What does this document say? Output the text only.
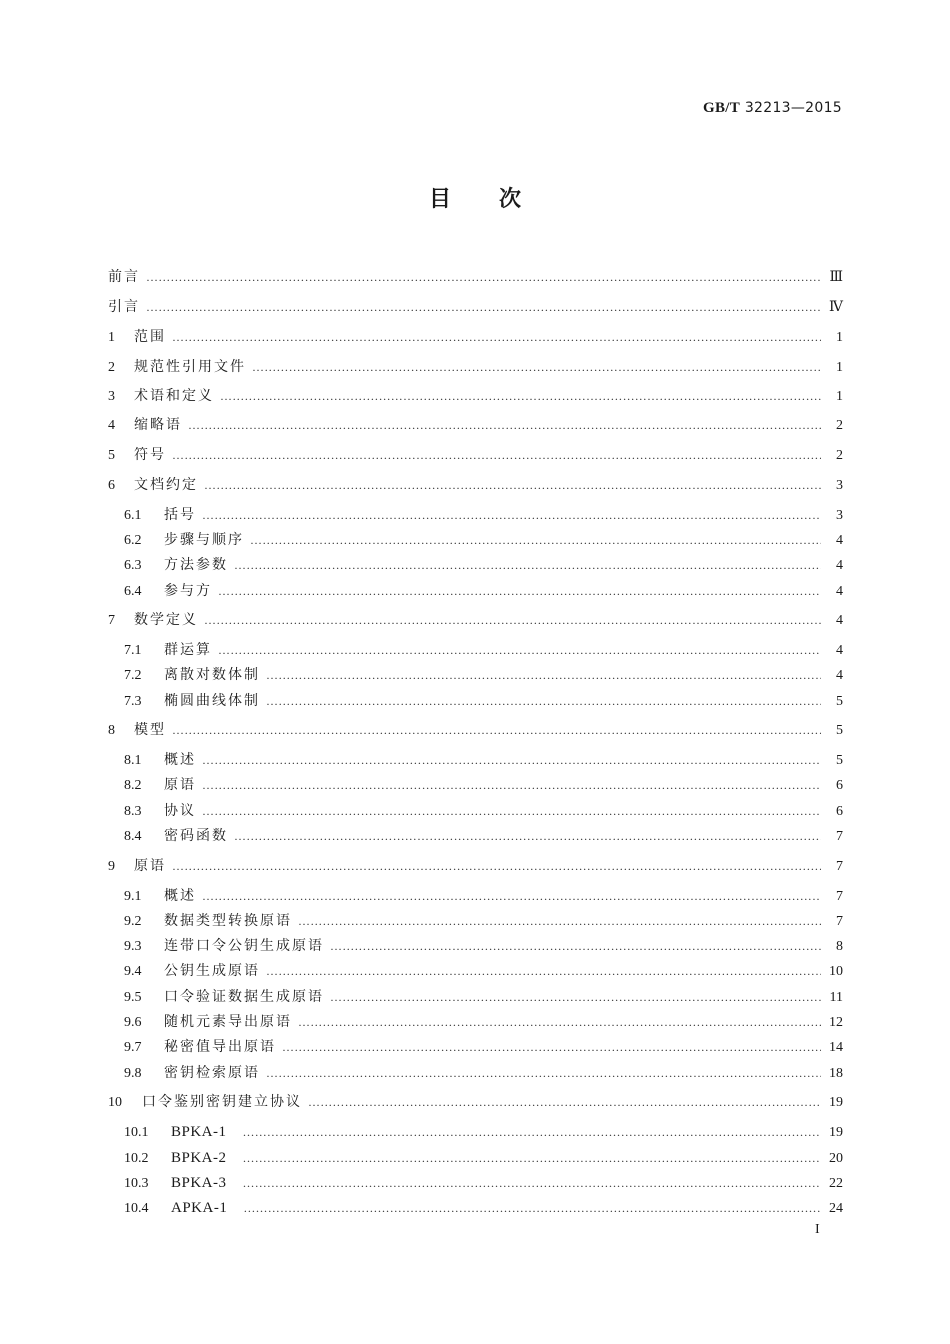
GB/T 32213—2015
目次
前言 …………………………………………………………………………………………………………………………………………………………………………………………………………………………	Ⅲ
引言 …………………………………………………………………………………………………………………………………………………………………………………………………………………………	Ⅳ
1	范围 …………………………………………………………………………………………………………………………………………………………………………………………………………………………	1
2	规范性引用文件 …………………………………………………………………………………………………………………………………………………………………………………………………………………………	1
3	术语和定义 …………………………………………………………………………………………………………………………………………………………………………………………………………………………	1
4	缩略语 …………………………………………………………………………………………………………………………………………………………………………………………………………………………	2
5	符号 …………………………………………………………………………………………………………………………………………………………………………………………………………………………	2
6	文档约定 …………………………………………………………………………………………………………………………………………………………………………………………………………………………	3
6.1	括号 …………………………………………………………………………………………………………………………………………………………………………………………………………………………	3
6.2	步骤与顺序 …………………………………………………………………………………………………………………………………………………………………………………………………………………………	4
6.3	方法参数 …………………………………………………………………………………………………………………………………………………………………………………………………………………………	4
6.4	参与方 …………………………………………………………………………………………………………………………………………………………………………………………………………………………	4
7	数学定义 …………………………………………………………………………………………………………………………………………………………………………………………………………………………	4
7.1	群运算 …………………………………………………………………………………………………………………………………………………………………………………………………………………………	4
7.2	离散对数体制 …………………………………………………………………………………………………………………………………………………………………………………………………………………………	4
7.3	椭圆曲线体制 …………………………………………………………………………………………………………………………………………………………………………………………………………………………	5
8	模型 …………………………………………………………………………………………………………………………………………………………………………………………………………………………	5
8.1	概述 …………………………………………………………………………………………………………………………………………………………………………………………………………………………	5
8.2	原语 …………………………………………………………………………………………………………………………………………………………………………………………………………………………	6
8.3	协议 …………………………………………………………………………………………………………………………………………………………………………………………………………………………	6
8.4	密码函数 …………………………………………………………………………………………………………………………………………………………………………………………………………………………	7
9	原语 …………………………………………………………………………………………………………………………………………………………………………………………………………………………	7
9.1	概述 …………………………………………………………………………………………………………………………………………………………………………………………………………………………	7
9.2	数据类型转换原语 …………………………………………………………………………………………………………………………………………………………………………………………………………………………	7
9.3	连带口令公钥生成原语 …………………………………………………………………………………………………………………………………………………………………………………………………………………………	8
9.4	公钥生成原语 …………………………………………………………………………………………………………………………………………………………………………………………………………………………	10
9.5	口令验证数据生成原语 …………………………………………………………………………………………………………………………………………………………………………………………………………………………	11
9.6	随机元素导出原语 …………………………………………………………………………………………………………………………………………………………………………………………………………………………	12
9.7	秘密值导出原语 …………………………………………………………………………………………………………………………………………………………………………………………………………………………	14
9.8	密钥检索原语 …………………………………………………………………………………………………………………………………………………………………………………………………………………………	18
10	口令鉴别密钥建立协议 …………………………………………………………………………………………………………………………………………………………………………………………………………………………	19
10.1	BPKA-1 …………………………………………………………………………………………………………………………………………………………………………………………………………………………	19
10.2	BPKA-2 …………………………………………………………………………………………………………………………………………………………………………………………………………………………	20
10.3	BPKA-3 …………………………………………………………………………………………………………………………………………………………………………………………………………………………	22
10.4	APKA-1 …………………………………………………………………………………………………………………………………………………………………………………………………………………………	24
I
